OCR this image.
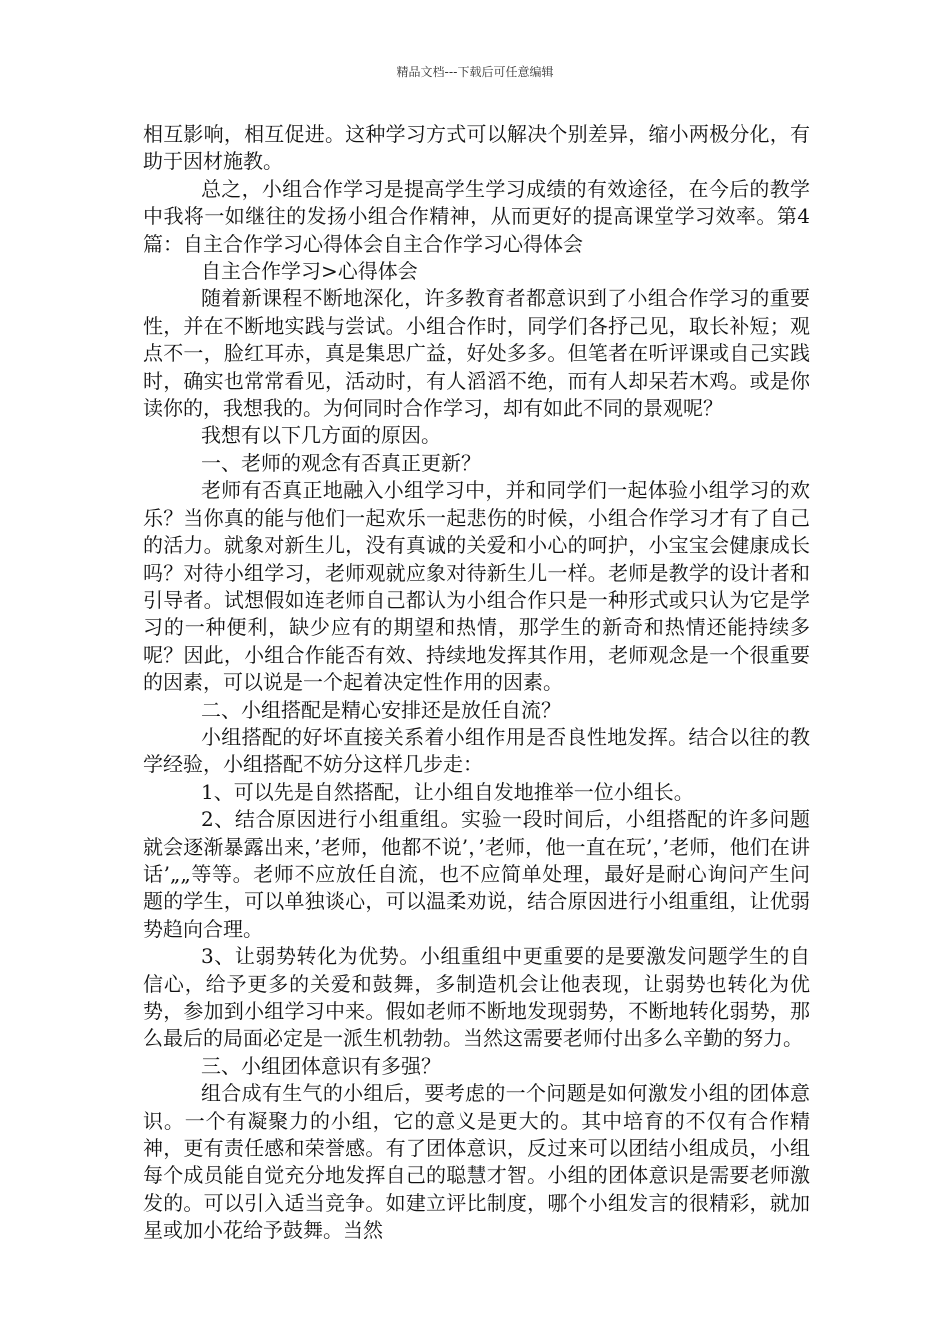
精品文档---下载后可任意编辑

相互影响，相互促进。这种学习方式可以解决个别差异，缩小两极分化，有助于因材施教。

总之，小组合作学习是提高学生学习成绩的有效途径，在今后的教学中我将一如继往的发扬小组合作精神，从而更好的提高课堂学习效率。第4篇：自主合作学习心得体会自主合作学习心得体会

自主合作学习>心得体会

随着新课程不断地深化，许多教育者都意识到了小组合作学习的重要性，并在不断地实践与尝试。小组合作时，同学们各抒己见，取长补短；观点不一，脸红耳赤，真是集思广益，好处多多。但笔者在听评课或自己实践时，确实也常常看见，活动时，有人滔滔不绝，而有人却呆若木鸡。或是你读你的，我想我的。为何同时合作学习，却有如此不同的景观呢？

我想有以下几方面的原因。

一、老师的观念有否真正更新？

老师有否真正地融入小组学习中，并和同学们一起体验小组学习的欢乐？当你真的能与他们一起欢乐一起悲伤的时候，小组合作学习才有了自己的活力。就象对新生儿，没有真诚的关爱和小心的呵护，小宝宝会健康成长吗？对待小组学习，老师观就应象对待新生儿一样。老师是教学的设计者和引导者。试想假如连老师自己都认为小组合作只是一种形式或只认为它是学习的一种便利，缺少应有的期望和热情，那学生的新奇和热情还能持续多呢？因此，小组合作能否有效、持续地发挥其作用，老师观念是一个很重要的因素，可以说是一个起着决定性作用的因素。

二、小组搭配是精心安排还是放任自流？

小组搭配的好坏直接关系着小组作用是否良性地发挥。结合以往的教学经验，小组搭配不妨分这样几步走：

1、可以先是自然搭配，让小组自发地推举一位小组长。

2、结合原因进行小组重组。实验一段时间后，小组搭配的许多问题就会逐渐暴露出来，’老师，他都不说’，’老师，他一直在玩’，’老师，他们在讲话’„„等等。老师不应放任自流，也不应简单处理，最好是耐心询问产生问题的学生，可以单独谈心，可以温柔劝说，结合原因进行小组重组，让优弱势趋向合理。

3、让弱势转化为优势。小组重组中更重要的是要激发问题学生的自信心，给予更多的关爱和鼓舞，多制造机会让他表现，让弱势也转化为优势，参加到小组学习中来。假如老师不断地发现弱势，不断地转化弱势，那么最后的局面必定是一派生机勃勃。当然这需要老师付出多么辛勤的努力。

三、小组团体意识有多强？

组合成有生气的小组后，要考虑的一个问题是如何激发小组的团体意识。一个有凝聚力的小组，它的意义是更大的。其中培育的不仅有合作精神，更有责任感和荣誉感。有了团体意识，反过来可以团结小组成员，小组每个成员能自觉充分地发挥自己的聪慧才智。小组的团体意识是需要老师激发的。可以引入适当竞争。如建立评比制度，哪个小组发言的很精彩，就加星或加小花给予鼓舞。当然
